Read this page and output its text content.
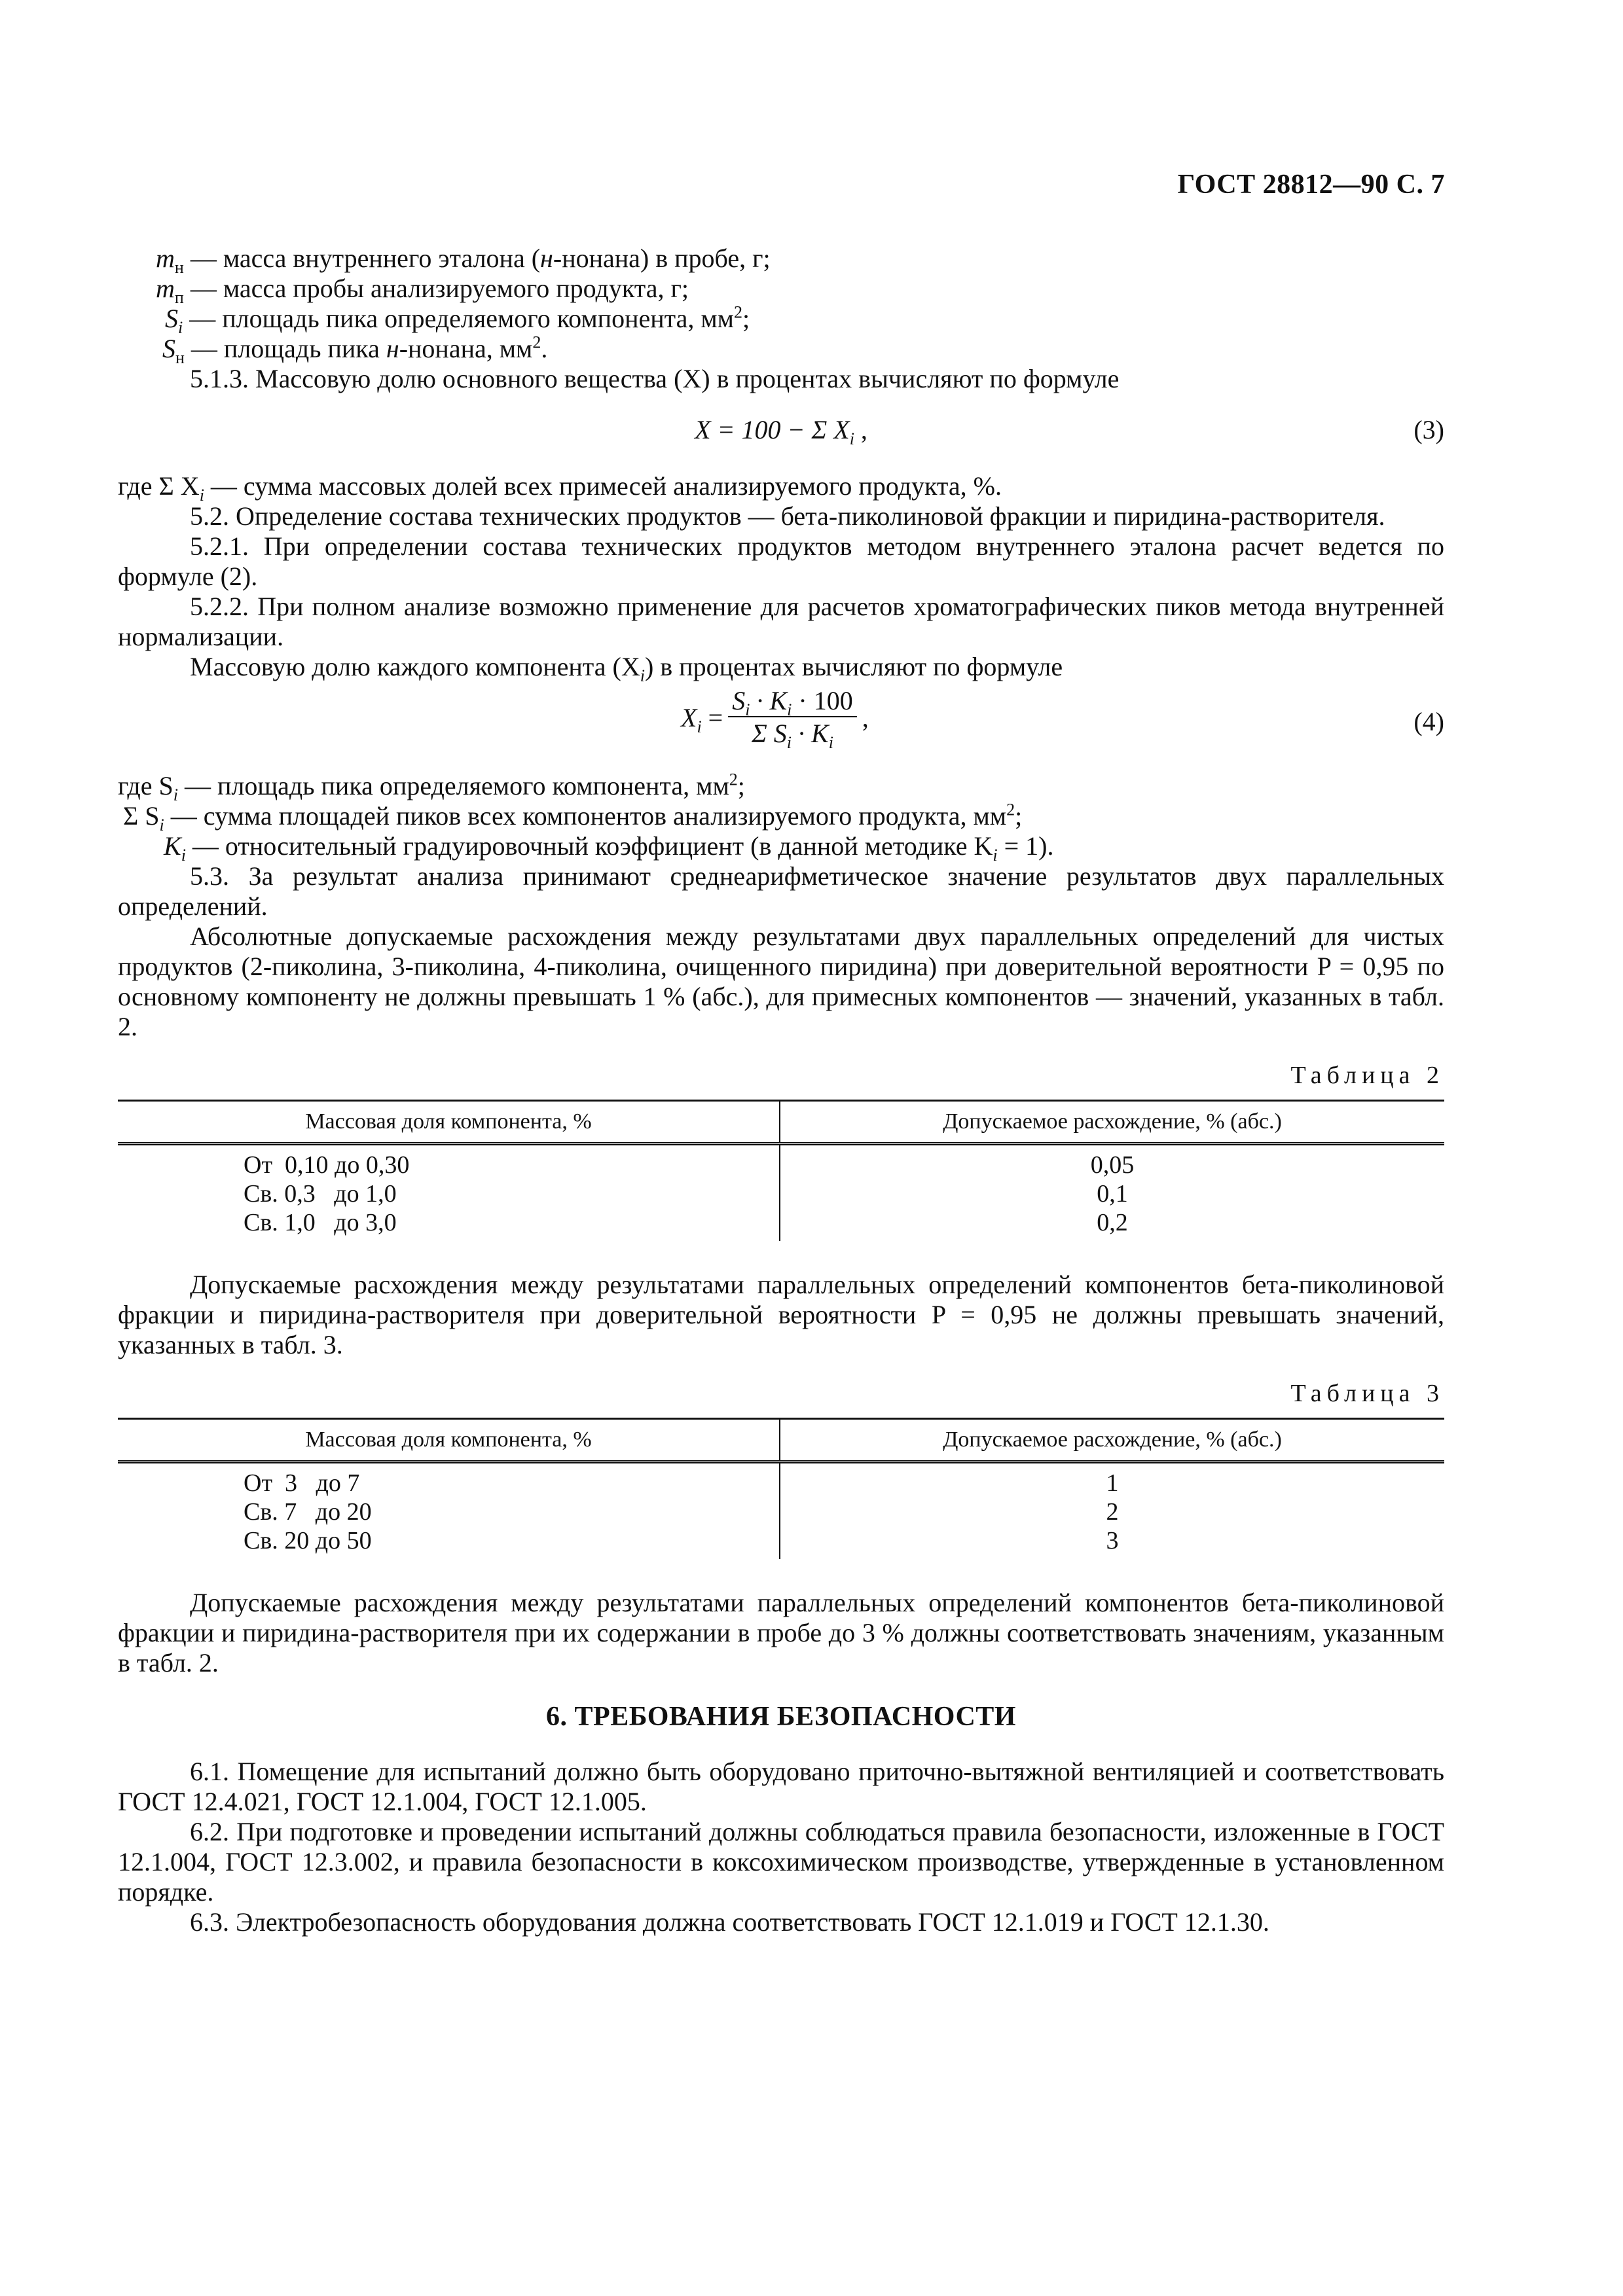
ГОСТ 28812—90 С. 7

$m_н$ — масса внутреннего эталона (н-нонана) в пробе, г;

$m_п$ — масса пробы анализируемого продукта, г;

$S_i$ — площадь пика определяемого компонента, $мм^2$;

$S_н$ — площадь пика н-нонана, $мм^2$.

5.1.3. Массовую долю основного вещества (X) в процентах вычисляют по формуле

X = 100 − Σ $X_i$ ,	(3)

где Σ $X_i$ — сумма массовых долей всех примесей анализируемого продукта, %.

5.2. Определение состава технических продуктов — бета-пиколиновой фракции и пиридина-растворителя.

5.2.1. При определении состава технических продуктов методом внутреннего эталона расчет ведется по формуле (2).

5.2.2. При полном анализе возможно применение для расчетов хроматографических пиков метода внутренней нормализации.

Массовую долю каждого компонента $(X_i)$ в процентах вычисляют по формуле

$X_i = \frac{S_i \cdot K_i \cdot 100}{\Sigma S_i \cdot K_i}$ ,	(4)

где $S_i$ — площадь пика определяемого компонента, $мм^2$;

Σ $S_i$ — сумма площадей пиков всех компонентов анализируемого продукта, $мм^2$;

$K_i$ — относительный градуировочный коэффициент (в данной методике $K_i = 1$).

5.3. За результат анализа принимают среднеарифметическое значение результатов двух параллельных определений.

Абсолютные допускаемые расхождения между результатами двух параллельных определений для чистых продуктов (2-пиколина, 3-пиколина, 4-пиколина, очищенного пиридина) при доверительной вероятности P = 0,95 по основному компоненту не должны превышать 1 % (абс.), для примесных компонентов — значений, указанных в табл. 2.

Таблица 2
Массовая доля компонента, %	Допускаемое расхождение, % (абс.)

От  0,10 до 0,30	0,05

Св. 0,3   до 1,0	0,1

Св. 1,0   до 3,0	0,2

Допускаемые расхождения между результатами параллельных определений компонентов бета-пиколиновой фракции и пиридина-растворителя при доверительной вероятности P = 0,95 не должны превышать значений, указанных в табл. 3.

Таблица 3
Массовая доля компонента, %	Допускаемое расхождение, % (абс.)

От  3   до 7	1

Св. 7   до 20	2

Св. 20 до 50	3

Допускаемые расхождения между результатами параллельных определений компонентов бета-пиколиновой фракции и пиридина-растворителя при их содержании в пробе до 3 % должны соответствовать значениям, указанным в табл. 2.

6. ТРЕБОВАНИЯ БЕЗОПАСНОСТИ

6.1. Помещение для испытаний должно быть оборудовано приточно-вытяжной вентиляцией и соответствовать ГОСТ 12.4.021, ГОСТ 12.1.004, ГОСТ 12.1.005.

6.2. При подготовке и проведении испытаний должны соблюдаться правила безопасности, изложенные в ГОСТ 12.1.004, ГОСТ 12.3.002, и правила безопасности в коксохимическом производстве, утвержденные в установленном порядке.

6.3. Электробезопасность оборудования должна соответствовать ГОСТ 12.1.019 и ГОСТ 12.1.30.
